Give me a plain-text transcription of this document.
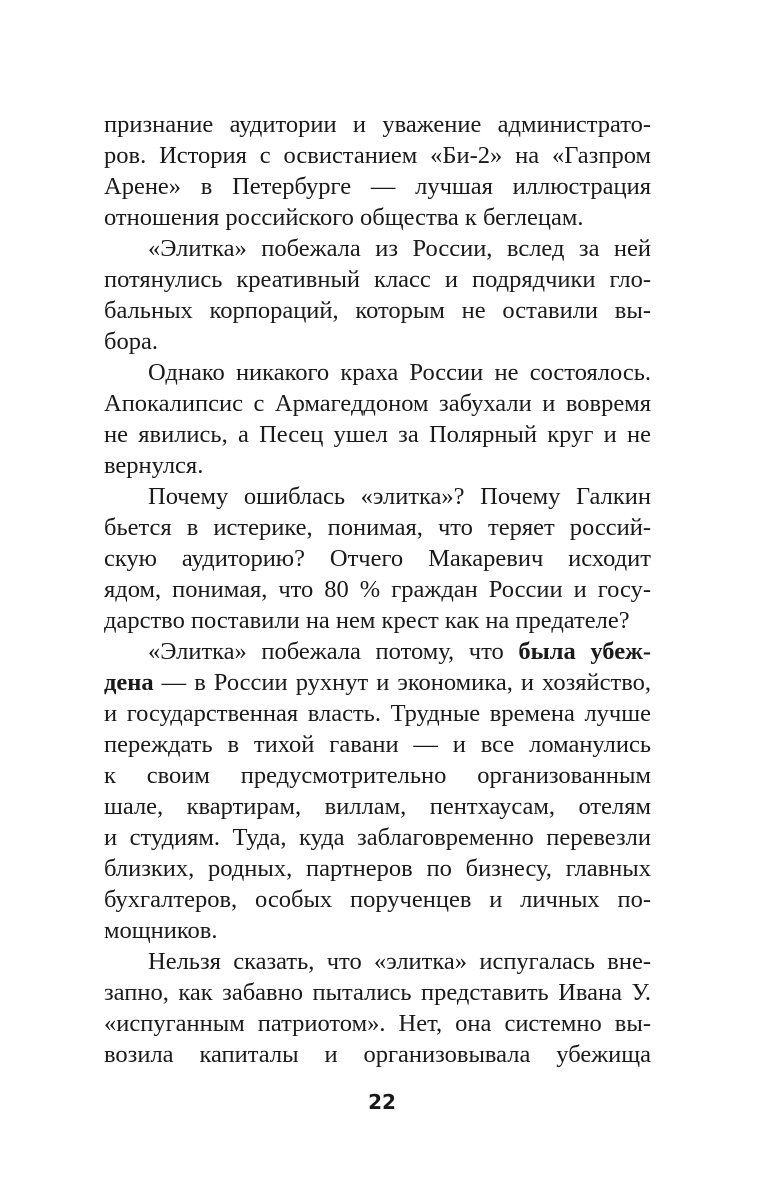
признание аудитории и уважение администрато-
ров. История с освистанием «Би-2» на «Газпром
Арене» в Петербурге — лучшая иллюстрация
отношения российского общества к беглецам.
«Элитка» побежала из России, вслед за ней
потянулись креативный класс и подрядчики гло-
бальных корпораций, которым не оставили вы-
бора.
Однако никакого краха России не состоялось.
Апокалипсис с Армагеддоном забухали и вовремя
не явились, а Песец ушел за Полярный круг и не
вернулся.
Почему ошиблась «элитка»? Почему Галкин
бьется в истерике, понимая, что теряет россий-
скую аудиторию? Отчего Макаревич исходит
ядом, понимая, что 80 % граждан России и госу-
дарство поставили на нем крест как на предателе?
«Элитка» побежала потому, что была убеж-
дена — в России рухнут и экономика, и хозяйство,
и государственная власть. Трудные времена лучше
переждать в тихой гавани — и все ломанулись
к своим предусмотрительно организованным
шале, квартирам, виллам, пентхаусам, отелям
и студиям. Туда, куда заблаговременно перевезли
близких, родных, партнеров по бизнесу, главных
бухгалтеров, особых порученцев и личных по-
мощников.
Нельзя сказать, что «элитка» испугалась вне-
запно, как забавно пытались представить Ивана У.
«испуганным патриотом». Нет, она системно вы-
возила капиталы и организовывала убежища
22
